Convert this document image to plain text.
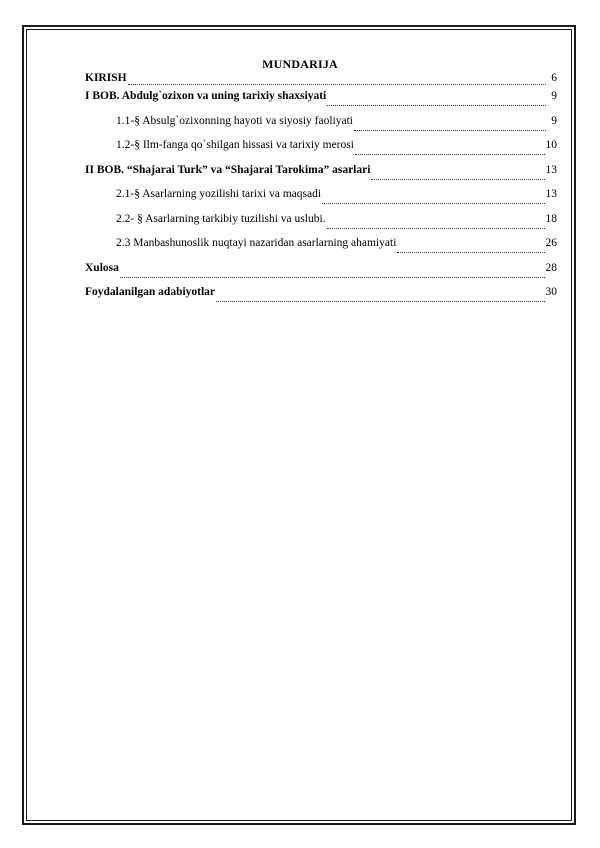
MUNDARIJA
KIRISH	6
I BOB. Abdulg`ozixon va uning tarixiy shaxsiyati	9
1.1-§ Absulg`ozixonning hayoti va siyosiy faoliyati	9
1.2-§ Ilm-fanga qo`shilgan hissasi va tarixiy merosi	10
II BOB. “Shajarai Turk” va “Shajarai Tarokima” asarlari	13
2.1-§ Asarlarning yozilishi tarixi va maqsadi	13
2.2- § Asarlarning tarkibiy tuzilishi va uslubi.	18
2.3 Manbashunoslik nuqtayi nazaridan asarlarning ahamiyati	26
Xulosa	28
Foydalanilgan adabiyotlar	30
